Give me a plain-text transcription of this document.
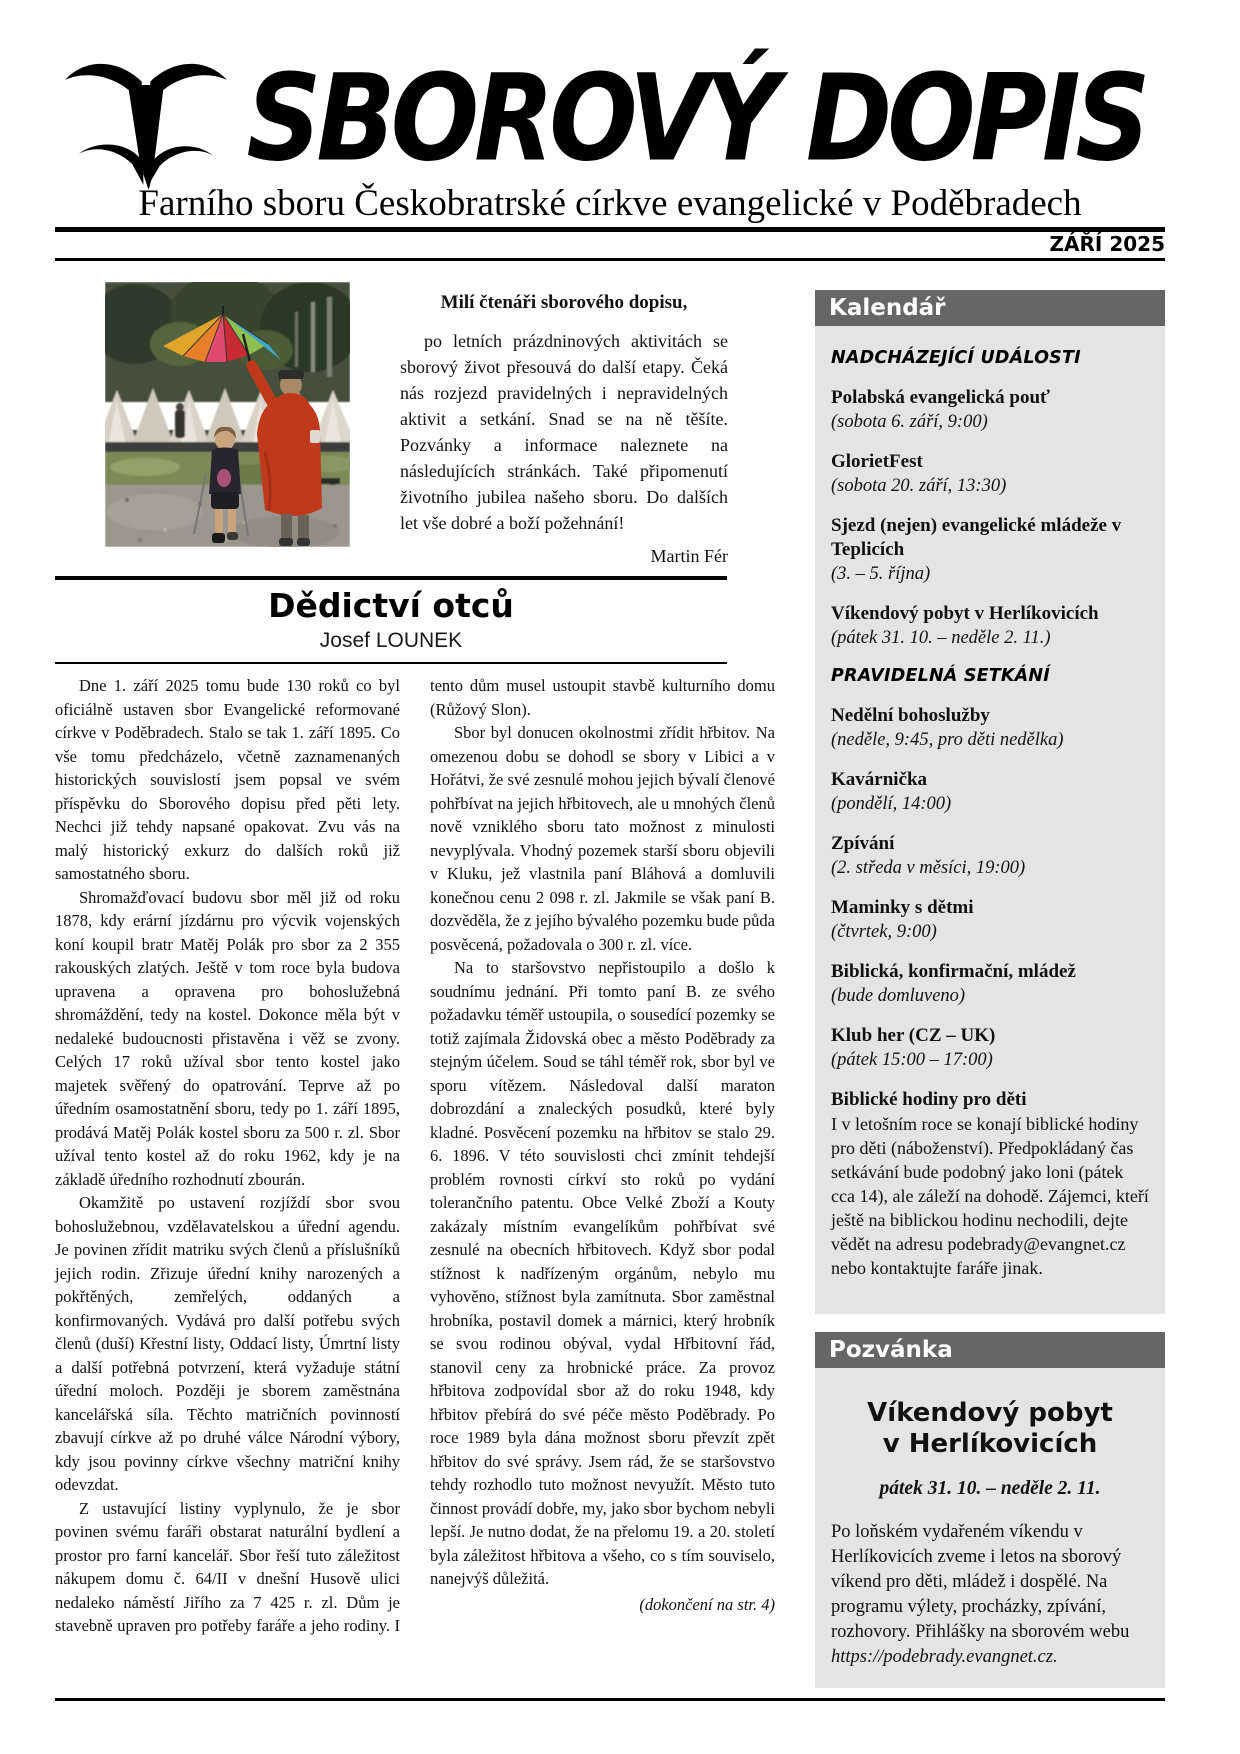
SBOROVÝ DOPIS
Farního sboru Českobratrské církve evangelické v Poděbradech
ZÁŘÍ 2025
Milí čtenáři sborového dopisu,

po letních prázdninových aktivitách se sborový život přesouvá do další etapy. Čeká nás rozjezd pravidelných i nepravidelných aktivit a setkání. Snad se na ně těšíte. Pozvánky a informace naleznete na následujících stránkách. Také připomenutí životního jubilea našeho sboru. Do dalších let vše dobré a boží požehnání!

Martin Fér

Kalendář
NADCHÁZEJÍCÍ UDÁLOSTI
Polabská evangelická pouť
(sobota 6. září, 9:00)
GlorietFest
(sobota 20. září, 13:30)
Sjezd (nejen) evangelické mládeže v Teplicích
(3. – 5. října)
Víkendový pobyt v Herlíkovicích
(pátek 31. 10. – neděle 2. 11.)
PRAVIDELNÁ SETKÁNÍ
Nedělní bohoslužby
(neděle, 9:45, pro děti nedělka)
Kavárnička
(pondělí, 14:00)
Zpívání
(2. středa v měsíci, 19:00)
Maminky s dětmi
(čtvrtek, 9:00)
Biblická, konfirmační, mládež
(bude domluveno)
Klub her (CZ – UK)
(pátek 15:00 – 17:00)
Biblické hodiny pro děti
I v letošním roce se konají biblické hodiny pro děti (náboženství). Předpokládaný čas setkávání bude podobný jako loni (pátek cca 14), ale záleží na dohodě. Zájemci, kteří ještě na biblickou hodinu nechodili, dejte vědět na adresu podebrady@evangnet.cz nebo kontaktujte faráře jinak.
Pozvánka
Víkendový pobyt v Herlíkovicích

pátek 31. 10. – neděle 2. 11.

Po loňském vydařeném víkendu v Herlíkovicích zveme i letos na sborový víkend pro děti, mládež i dospělé. Na programu výlety, procházky, zpívání, rozhovory. Přihlášky na sborovém webu https://podebrady.evangnet.cz.

Dědictví otců
Josef LOUNEK

Dne 1. září 2025 tomu bude 130 roků co byl oficiálně ustaven sbor Evangelické reformované církve v Poděbradech. Stalo se tak 1. září 1895. Co vše tomu předcházelo, včetně zaznamenaných historických souvislostí jsem popsal ve svém příspěvku do Sborového dopisu před pěti lety. Nechci již tehdy napsané opakovat. Zvu vás na malý historický exkurz do dalších roků již samostatného sboru.

Shromažďovací budovu sbor měl již od roku 1878, kdy erární jízdárnu pro výcvik vojenských koní koupil bratr Matěj Polák pro sbor za 2 355 rakouských zlatých. Ještě v tom roce byla budova upravena a opravena pro bohoslužebná shromáždění, tedy na kostel. Dokonce měla být v nedaleké budoucnosti přistavěna i věž se zvony. Celých 17 roků užíval sbor tento kostel jako majetek svěřený do opatrování. Teprve až po úředním osamostatnění sboru, tedy po 1. září 1895, prodává Matěj Polák kostel sboru za 500 r. zl. Sbor užíval tento kostel až do roku 1962, kdy je na základě úředního rozhodnutí zbourán.

Okamžitě po ustavení rozjíždí sbor svou bohoslužebnou, vzdělavatelskou a úřední agendu. Je povinen zřídit matriku svých členů a příslušníků jejich rodin. Zřizuje úřední knihy narozených a pokřtěných, zemřelých, oddaných a konfirmovaných. Vydává pro další potřebu svých členů (duší) Křestní listy, Oddací listy, Úmrtní listy a další potřebná potvrzení, která vyžaduje státní úřední moloch. Později je sborem zaměstnána kancelářská síla. Těchto matričních povinností zbavují církve až po druhé válce Národní výbory, kdy jsou povinny církve všechny matriční knihy odevzdat.

Z ustavující listiny vyplynulo, že je sbor povinen svému faráři obstarat naturální bydlení a prostor pro farní kancelář. Sbor řeší tuto záležitost nákupem domu č. 64/II v dnešní Husově ulici nedaleko náměstí Jiřího za 7 425 r. zl. Dům je stavebně upraven pro potřeby faráře a jeho rodiny. I tento dům musel ustoupit stavbě kulturního domu (Růžový Slon).

Sbor byl donucen okolnostmi zřídit hřbitov. Na omezenou dobu se dohodl se sbory v Libici a v Hořátvi, že své zesnulé mohou jejich bývalí členové pohřbívat na jejich hřbitovech, ale u mnohých členů nově vzniklého sboru tato možnost z minulosti nevyplývala. Vhodný pozemek starší sboru objevili v Kluku, jež vlastnila paní Bláhová a domluvili konečnou cenu 2 098 r. zl. Jakmile se však paní B. dozvěděla, že z jejího bývalého pozemku bude půda posvěcená, požadovala o 300 r. zl. více.

Na to staršovstvo nepřistoupilo a došlo k soudnímu jednání. Při tomto paní B. ze svého požadavku téměř ustoupila, o sousedící pozemky se totiž zajímala Židovská obec a město Poděbrady za stejným účelem. Soud se táhl téměř rok, sbor byl ve sporu vítězem. Následoval další maraton dobrozdání a znaleckých posudků, které byly kladné. Posvěcení pozemku na hřbitov se stalo 29. 6. 1896. V této souvislosti chci zmínit tehdejší problém rovnosti církví sto roků po vydání tolerančního patentu. Obce Velké Zboží a Kouty zakázaly místním evangelíkům pohřbívat své zesnulé na obecních hřbitovech. Když sbor podal stížnost k nadřízeným orgánům, nebylo mu vyhověno, stížnost byla zamítnuta. Sbor zaměstnal hrobníka, postavil domek a márnici, který hrobník se svou rodinou obýval, vydal Hřbitovní řád, stanovil ceny za hrobnické práce. Za provoz hřbitova zodpovídal sbor až do roku 1948, kdy hřbitov přebírá do své péče město Poděbrady. Po roce 1989 byla dána možnost sboru převzít zpět hřbitov do své správy. Jsem rád, že se staršovstvo tehdy rozhodlo tuto možnost nevyužít. Město tuto činnost provádí dobře, my, jako sbor bychom nebyli lepší. Je nutno dodat, že na přelomu 19. a 20. století byla záležitost hřbitova a všeho, co s tím souviselo, nanejvýš důležitá.

(dokončení na str. 4)
